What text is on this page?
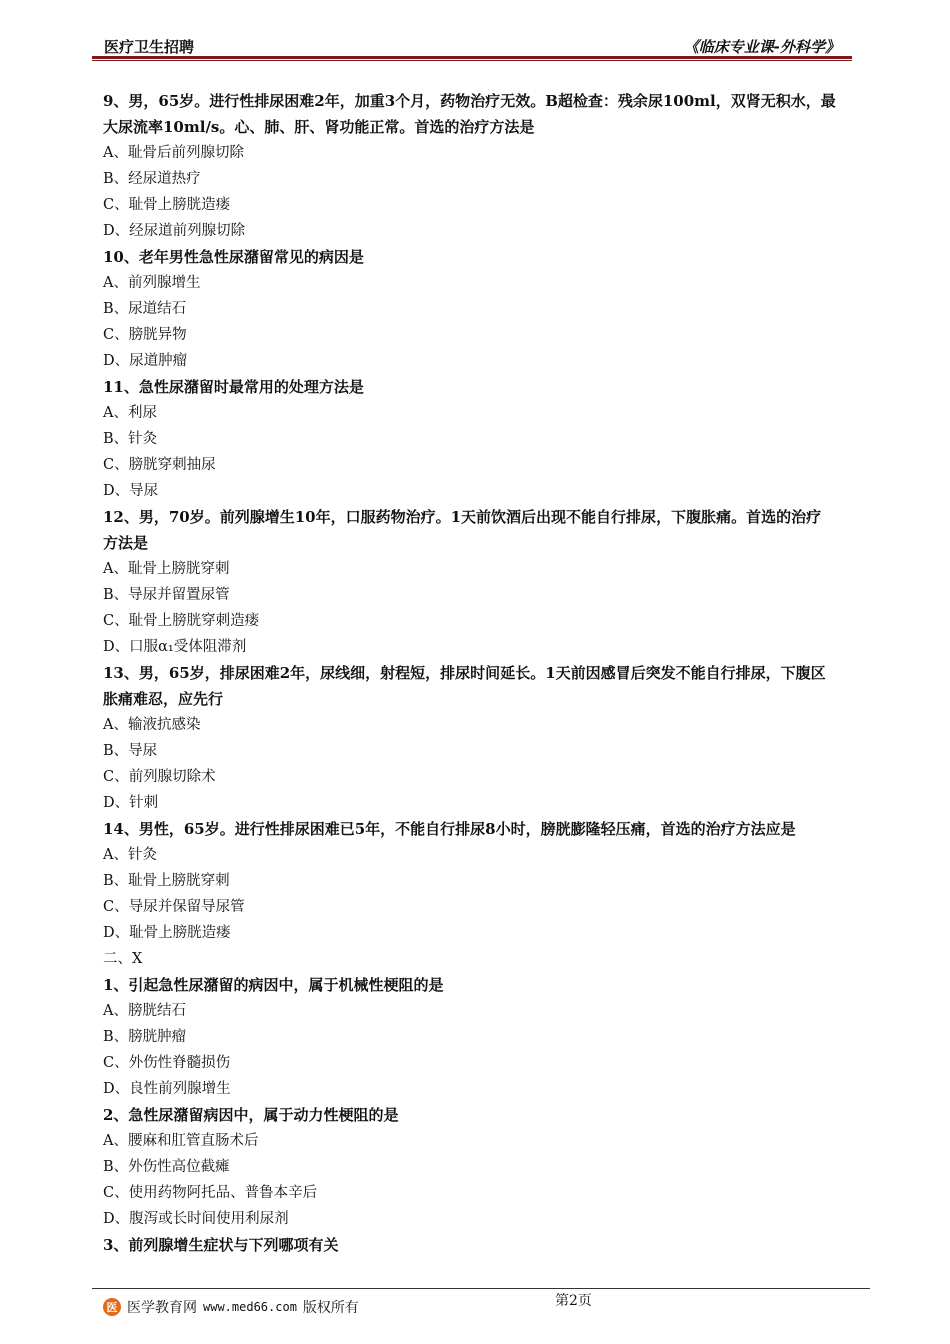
医疗卫生招聘	《临床专业课-外科学》

9、男，65岁。进行性排尿困难2年，加重3个月，药物治疗无效。B超检查：残余尿100ml，双肾无积水，最

大尿流率10ml/s。心、肺、肝、肾功能正常。首选的治疗方法是

A、耻骨后前列腺切除

B、经尿道热疗

C、耻骨上膀胱造瘘

D、经尿道前列腺切除

10、老年男性急性尿潴留常见的病因是

A、前列腺增生

B、尿道结石

C、膀胱异物

D、尿道肿瘤

11、急性尿潴留时最常用的处理方法是

A、利尿

B、针灸

C、膀胱穿刺抽尿

D、导尿

12、男，70岁。前列腺增生10年，口服药物治疗。1天前饮酒后出现不能自行排尿，下腹胀痛。首选的治疗

方法是

A、耻骨上膀胱穿刺

B、导尿并留置尿管

C、耻骨上膀胱穿刺造瘘

D、口服α₁受体阻滞剂

13、男，65岁，排尿困难2年，尿线细，射程短，排尿时间延长。1天前因感冒后突发不能自行排尿，下腹区

胀痛难忍，应先行

A、输液抗感染

B、导尿

C、前列腺切除术

D、针刺

14、男性，65岁。进行性排尿困难已5年，不能自行排尿8小时，膀胱膨隆轻压痛，首选的治疗方法应是

A、针灸

B、耻骨上膀胱穿刺

C、导尿并保留导尿管

D、耻骨上膀胱造瘘

二、X

1、引起急性尿潴留的病因中，属于机械性梗阻的是

A、膀胱结石

B、膀胱肿瘤

C、外伤性脊髓损伤

D、良性前列腺增生

2、急性尿潴留病因中，属于动力性梗阻的是

A、腰麻和肛管直肠术后

B、外伤性高位截瘫

C、使用药物阿托品、普鲁本辛后

D、腹泻或长时间使用利尿剂

3、前列腺增生症状与下列哪项有关

第2页
医 医学教育网 www.med66.com 版权所有
